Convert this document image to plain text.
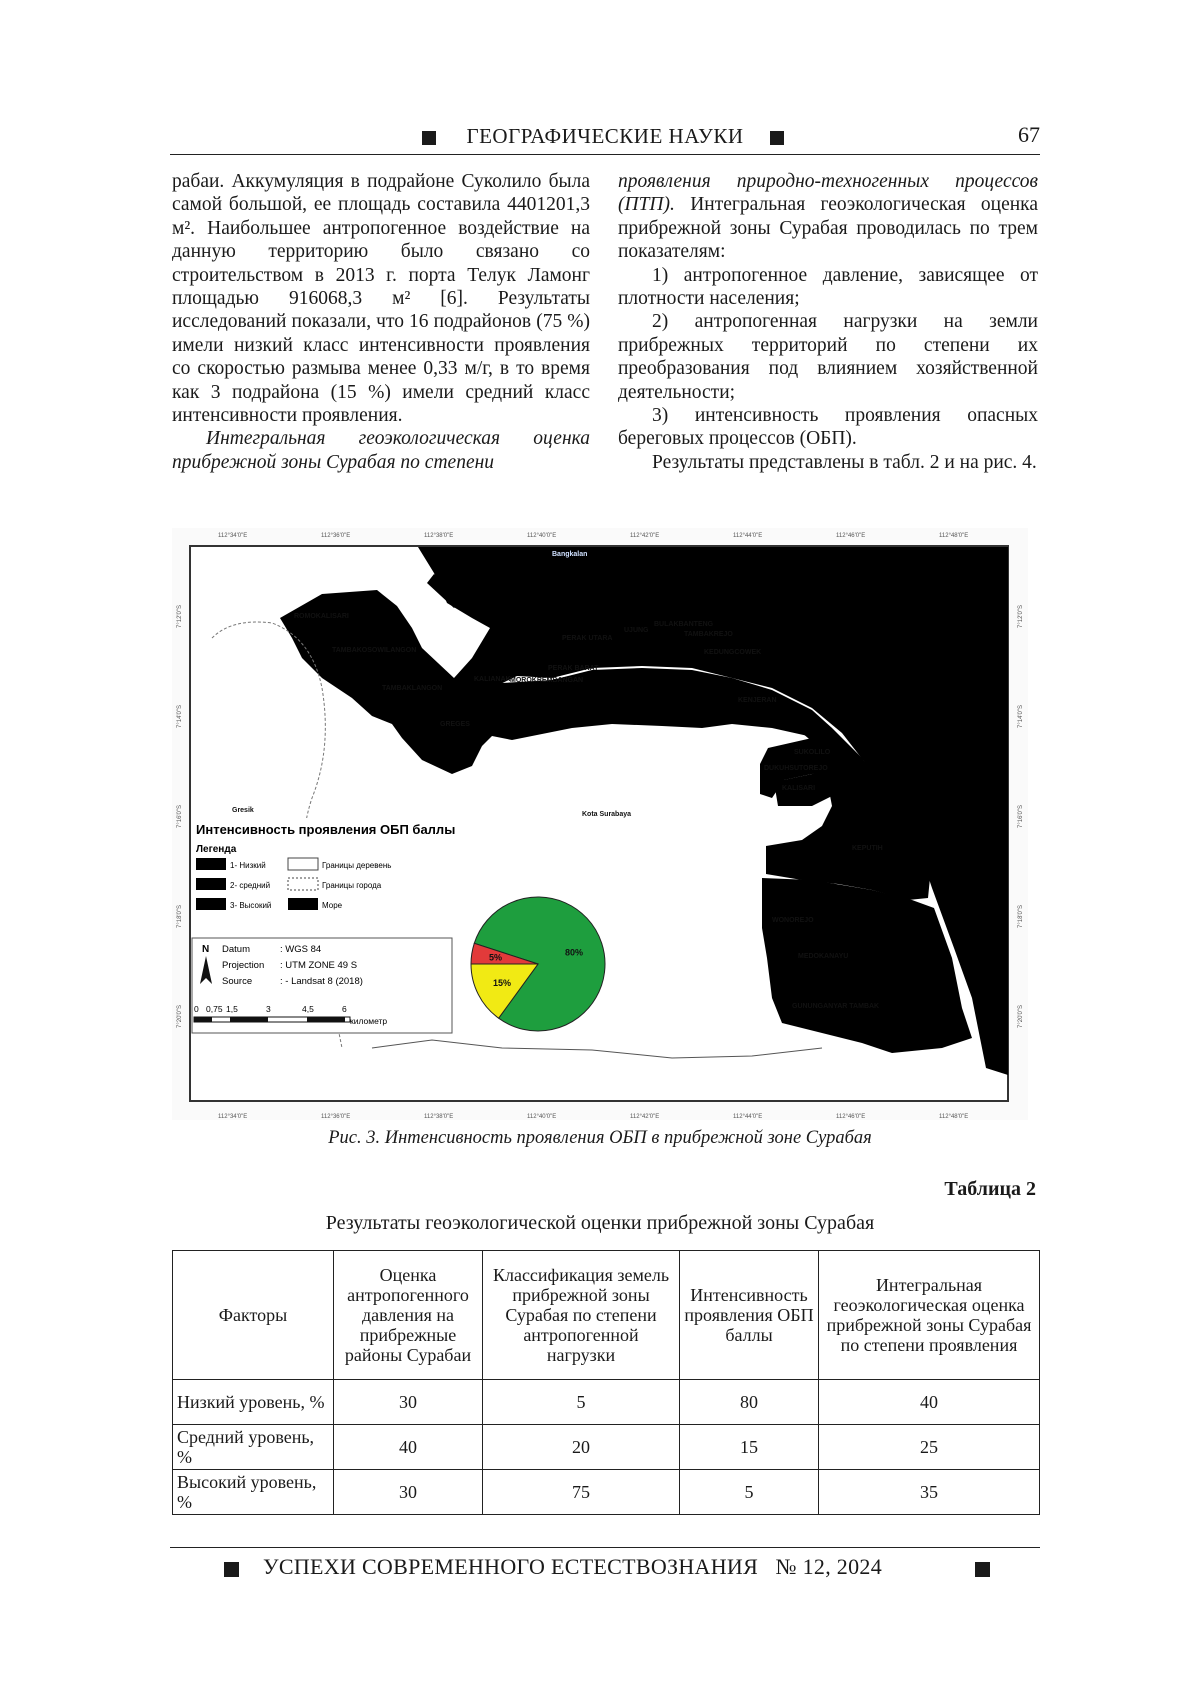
ГЕОГРАФИЧЕСКИЕ НАУКИ	67

рабаи. Аккумуляция в подрайоне Суколило была самой большой, ее площадь составила 4401201,3 м². Наибольшее антропогенное воздействие на данную территорию было связано со строительством в 2013 г. порта Телук Ламонг площадью 916068,3 м² [6]. Результаты исследований показали, что 16 подрайонов (75 %) имели низкий класс интенсивности проявления со скоростью размыва менее 0,33 м/г, в то время как 3 подрайона (15 %) имели средний класс интенсивности проявления.

Интегральная геоэкологическая оценка прибрежной зоны Сурабая по степени

проявления природно-техногенных процессов (ПТП). Интегральная геоэкологическая оценка прибрежной зоны Сурабая проводилась по трем показателям:

1) антропогенное давление, зависящее от плотности населения;

2) антропогенная нагрузки на земли прибрежных территорий по степени их преобразования под влиянием хозяйственной деятельности;

3) интенсивность проявления опасных береговых процессов (ОБП).

Результаты представлены в табл. 2 и на рис. 4.

112°34'0"E	112°36'0"E	112°38'0"E	112°40'0"E	112°42'0"E	112°44'0"E	112°46'0"E	112°48'0"E
112°34'0"E	112°36'0"E	112°38'0"E	112°40'0"E	112°42'0"E	112°44'0"E	112°46'0"E	112°48'0"E
7°12'0"S
7°14'0"S
7°16'0"S
7°18'0"S
7°20'0"S
7°12'0"S
7°14'0"S
7°16'0"S
7°18'0"S
7°20'0"S
Bangkalan
Gresik
Kota Surabaya
ROMOKALISARI
TAMBAKOSOWILANGON
TAMBAKLANGON
GREGES
KALIANAK MOROKREMBANGAN
PERAK UTARA
PERAK BARAT
UJUNG
BULAKBANTENG
TAMBAKREJO
KEDUNGCOWEK
KENJERAN
SUKOLILO
DUKUHSUTOREJO
KALISARI
KEPUTIH
WONOREJO
MEDOKANAYU
GUNUNGANYAR TAMBAK
Интенсивность проявления ОБП баллы
Легенда
1- Низкий
2- средний
3- Высокий
Границы деревень
Границы города
Море
N Datum	: WGS 84
Projection : UTM ZONE 49 S
Source	: - Landsat 8 (2018)
0 0,75 1,5	3	4,5	6
километр
80%
15%
5%
Рис. 3. Интенсивность проявления ОБП в прибрежной зоне Сурабая
Таблица 2
Результаты геоэкологической оценки прибрежной зоны Сурабая
Факторы	Оценка антропогенного давления на прибрежные районы Сурабаи	Классификация земель прибрежной зоны Сурабая по степени антропогенной нагрузки	Интенсивность проявления ОБП баллы	Интегральная геоэкологическая оценка прибрежной зоны Сурабая по степени проявления
Низкий уровень, %	30	5	80	40
Средний уровень, %	40	20	15	25
Высокий уровень, %	30	75	5	35
УСПЕХИ СОВРЕМЕННОГО ЕСТЕСТВОЗНАНИЯ № 12, 2024
